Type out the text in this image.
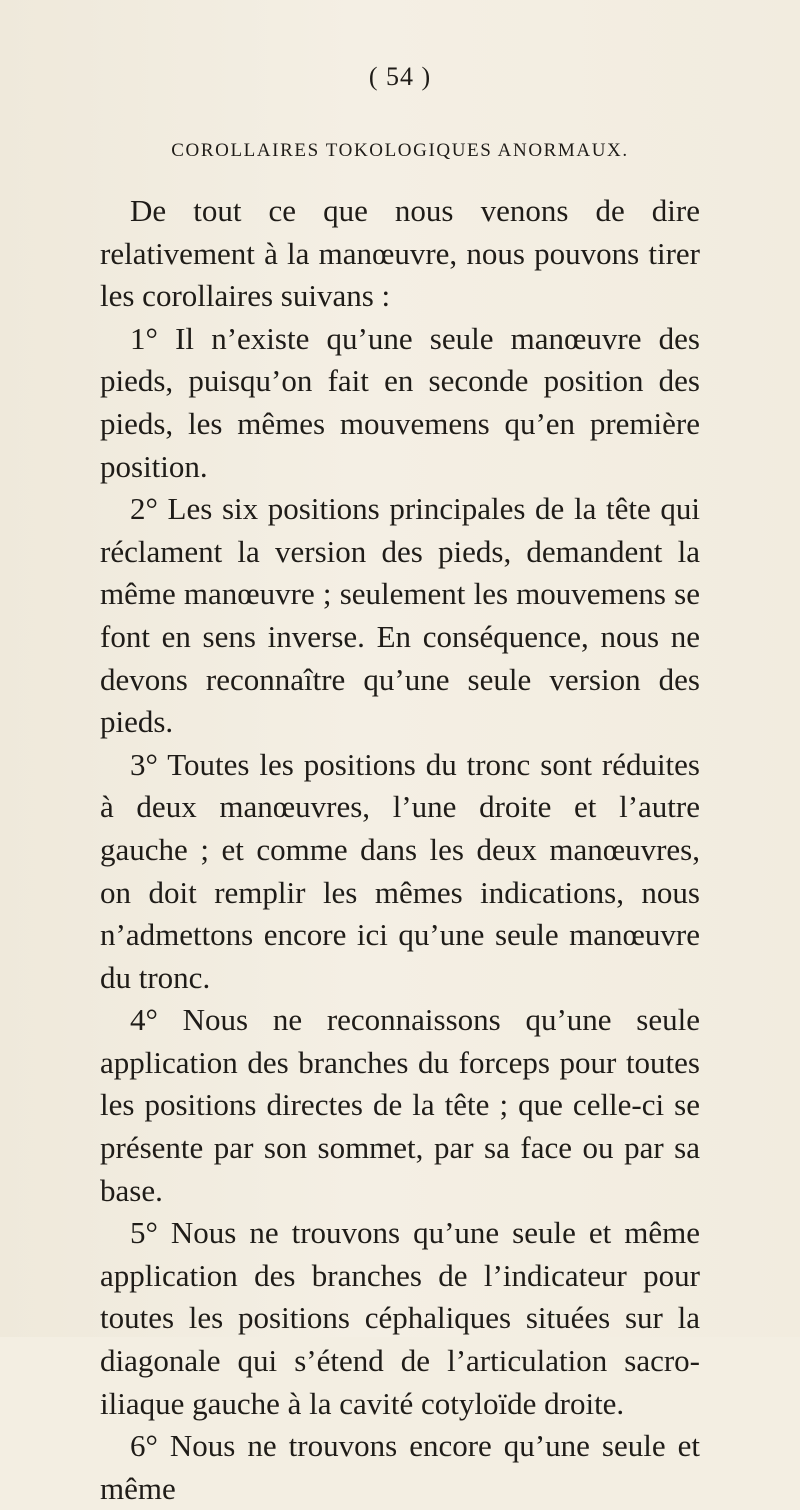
( 54 )
COROLLAIRES TOKOLOGIQUES ANORMAUX.

De tout ce que nous venons de dire relativement à la manœuvre, nous pouvons tirer les corollaires suivans :

1° Il n’existe qu’une seule manœuvre des pieds, puisqu’on fait en seconde position des pieds, les mêmes mouvemens qu’en première position.

2° Les six positions principales de la tête qui réclament la version des pieds, demandent la même manœuvre ; seulement les mouvemens se font en sens inverse. En conséquence, nous ne devons reconnaître qu’une seule version des pieds.

3° Toutes les positions du tronc sont réduites à deux manœuvres, l’une droite et l’autre gauche ; et comme dans les deux manœuvres, on doit remplir les mêmes indications, nous n’admettons encore ici qu’une seule manœuvre du tronc.

4° Nous ne reconnaissons qu’une seule application des branches du forceps pour toutes les positions directes de la tête ; que celle-ci se présente par son sommet, par sa face ou par sa base.

5° Nous ne trouvons qu’une seule et même application des branches de l’indicateur pour toutes les positions céphaliques situées sur la diagonale qui s’étend de l’articulation sacro-iliaque gauche à la cavité cotyloïde droite.

6° Nous ne trouvons encore qu’une seule et même
